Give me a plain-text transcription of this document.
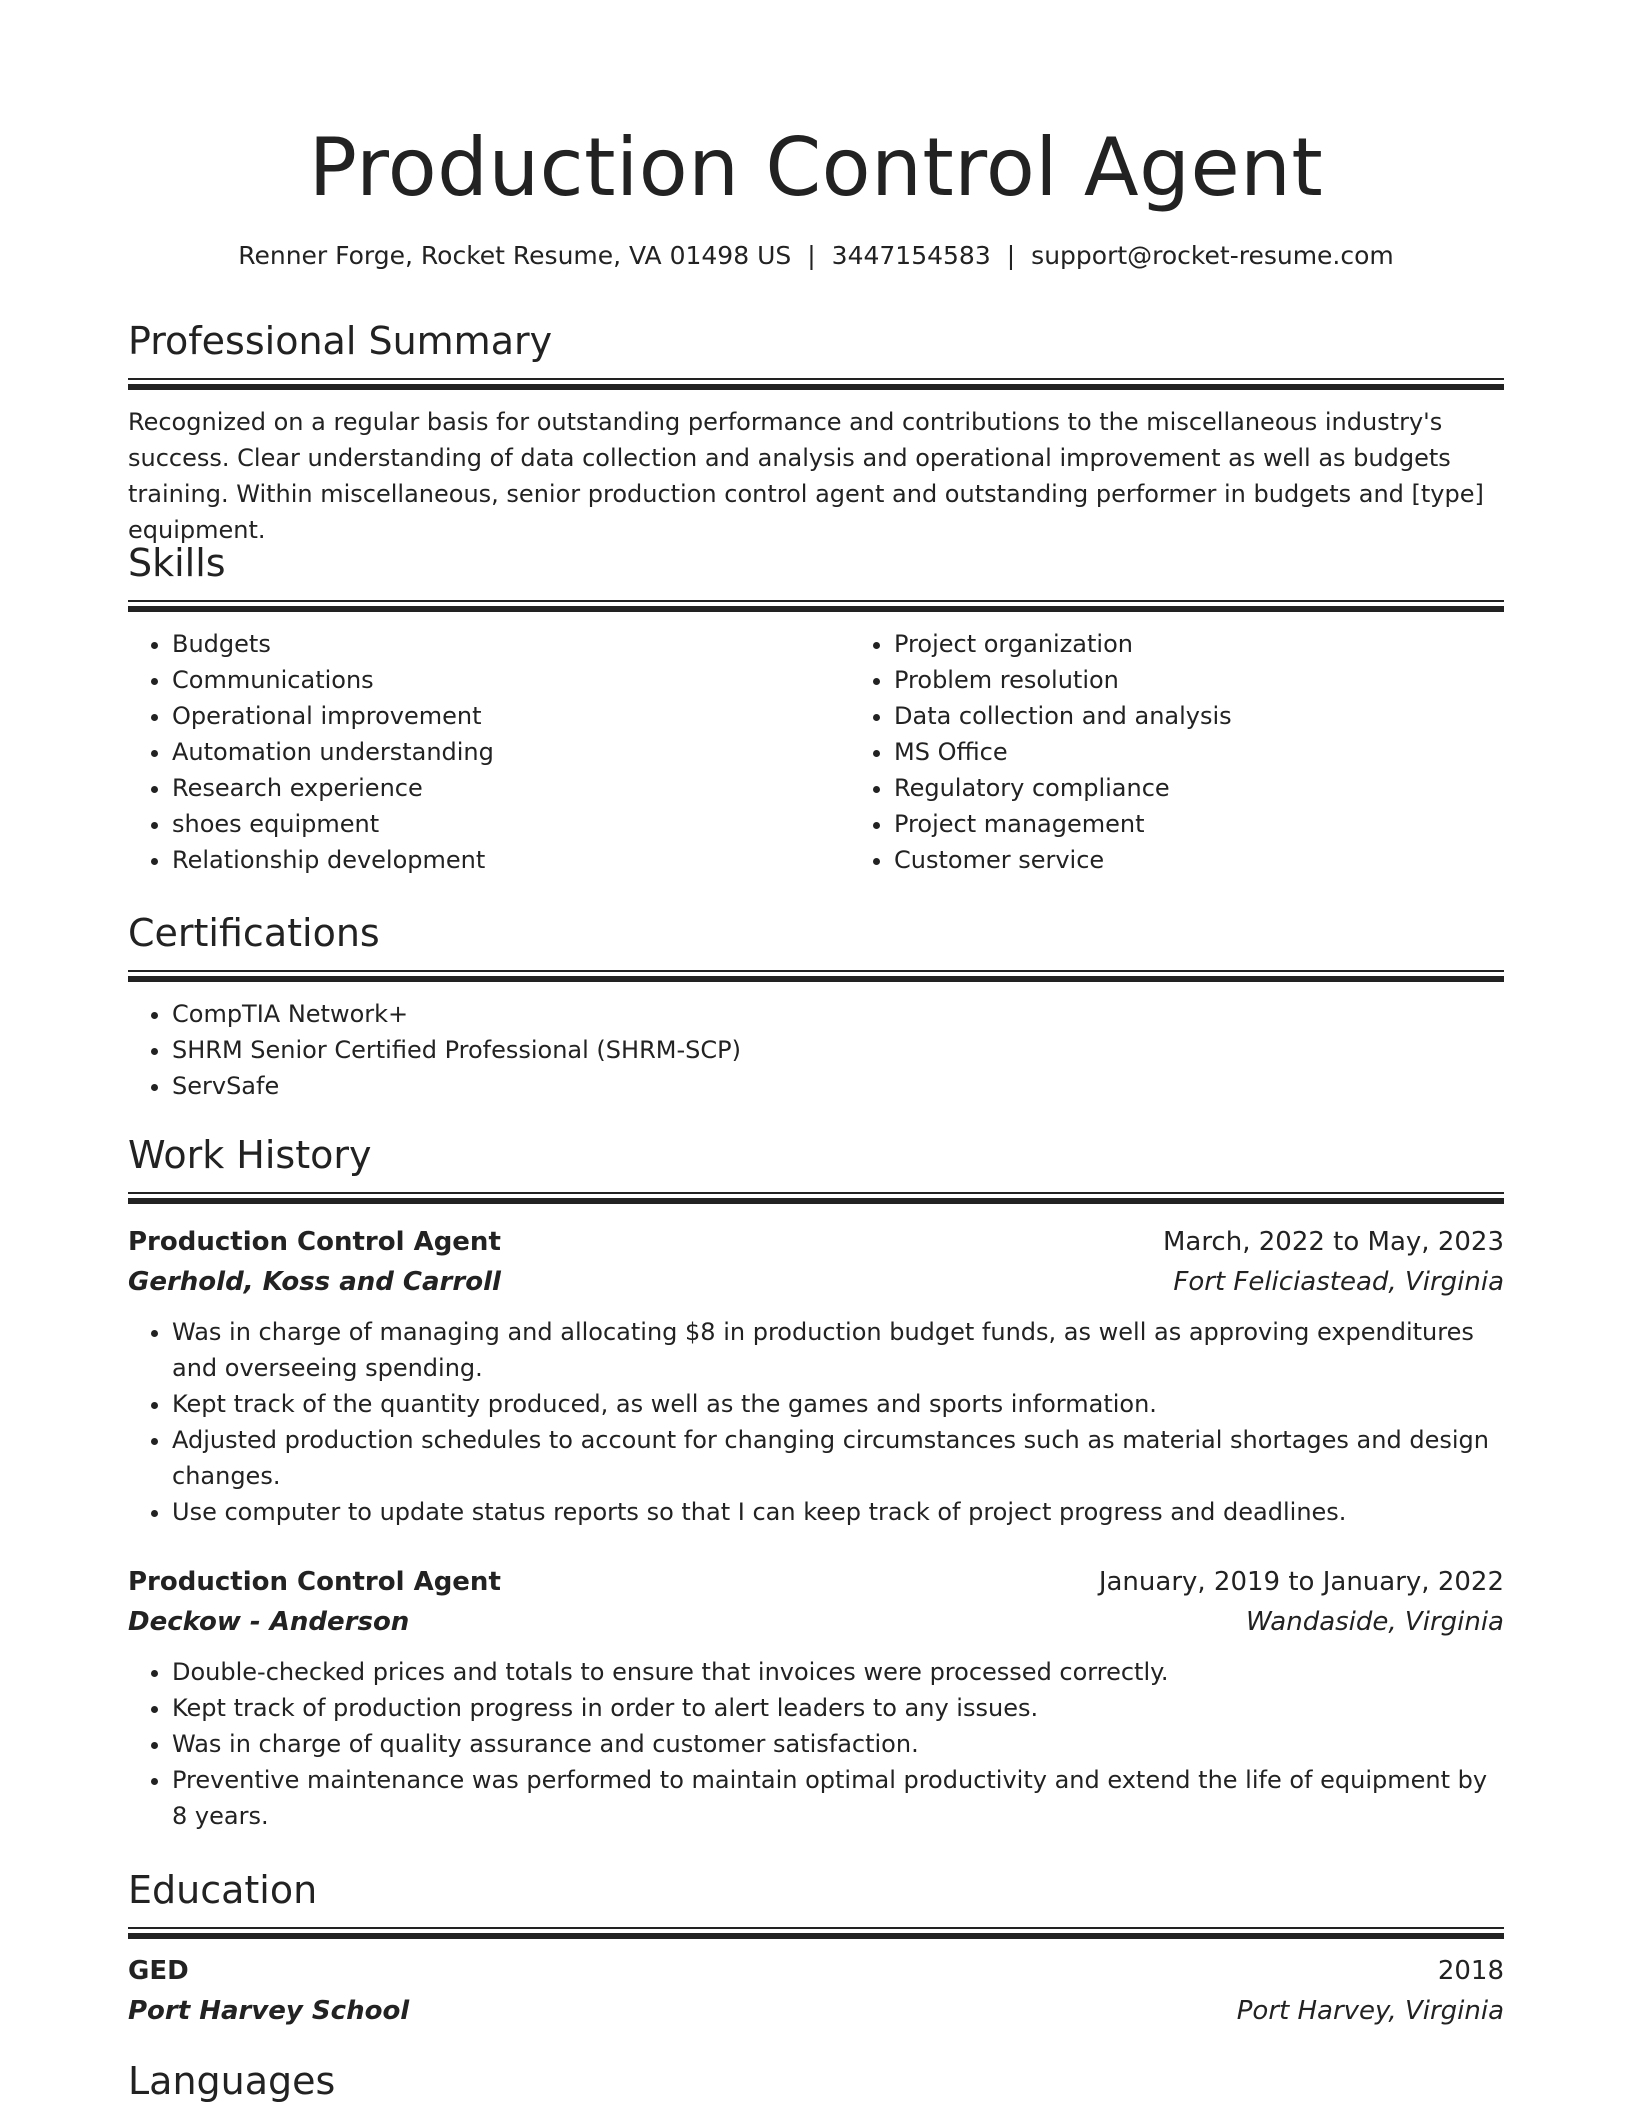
Production Control Agent
Renner Forge, Rocket Resume, VA 01498 US | 3447154583 | support@rocket-resume.com
Professional Summary

Recognized on a regular basis for outstanding performance and contributions to the miscellaneous industry's success. Clear understanding of data collection and analysis and operational improvement as well as budgets training. Within miscellaneous, senior production control agent and outstanding performer in budgets and [type] equipment.

Skills
• Budgets
• Communications
• Operational improvement
• Automation understanding
• Research experience
• shoes equipment
• Relationship development
• Project organization
• Problem resolution
• Data collection and analysis
• MS Office
• Regulatory compliance
• Project management
• Customer service
Certifications
• CompTIA Network+
• SHRM Senior Certified Professional (SHRM-SCP)
• ServSafe
Work History
Production Control Agent	March, 2022 to May, 2023
Gerhold, Koss and Carroll	Fort Feliciastead, Virginia
• Was in charge of managing and allocating $8 in production budget funds, as well as approving expenditures and overseeing spending.
• Kept track of the quantity produced, as well as the games and sports information.
• Adjusted production schedules to account for changing circumstances such as material shortages and design changes.
• Use computer to update status reports so that I can keep track of project progress and deadlines.
Production Control Agent	January, 2019 to January, 2022
Deckow - Anderson	Wandaside, Virginia
• Double-checked prices and totals to ensure that invoices were processed correctly.
• Kept track of production progress in order to alert leaders to any issues.
• Was in charge of quality assurance and customer satisfaction.
• Preventive maintenance was performed to maintain optimal productivity and extend the life of equipment by 8 years.
Education
GED	2018
Port Harvey School	Port Harvey, Virginia
Languages
